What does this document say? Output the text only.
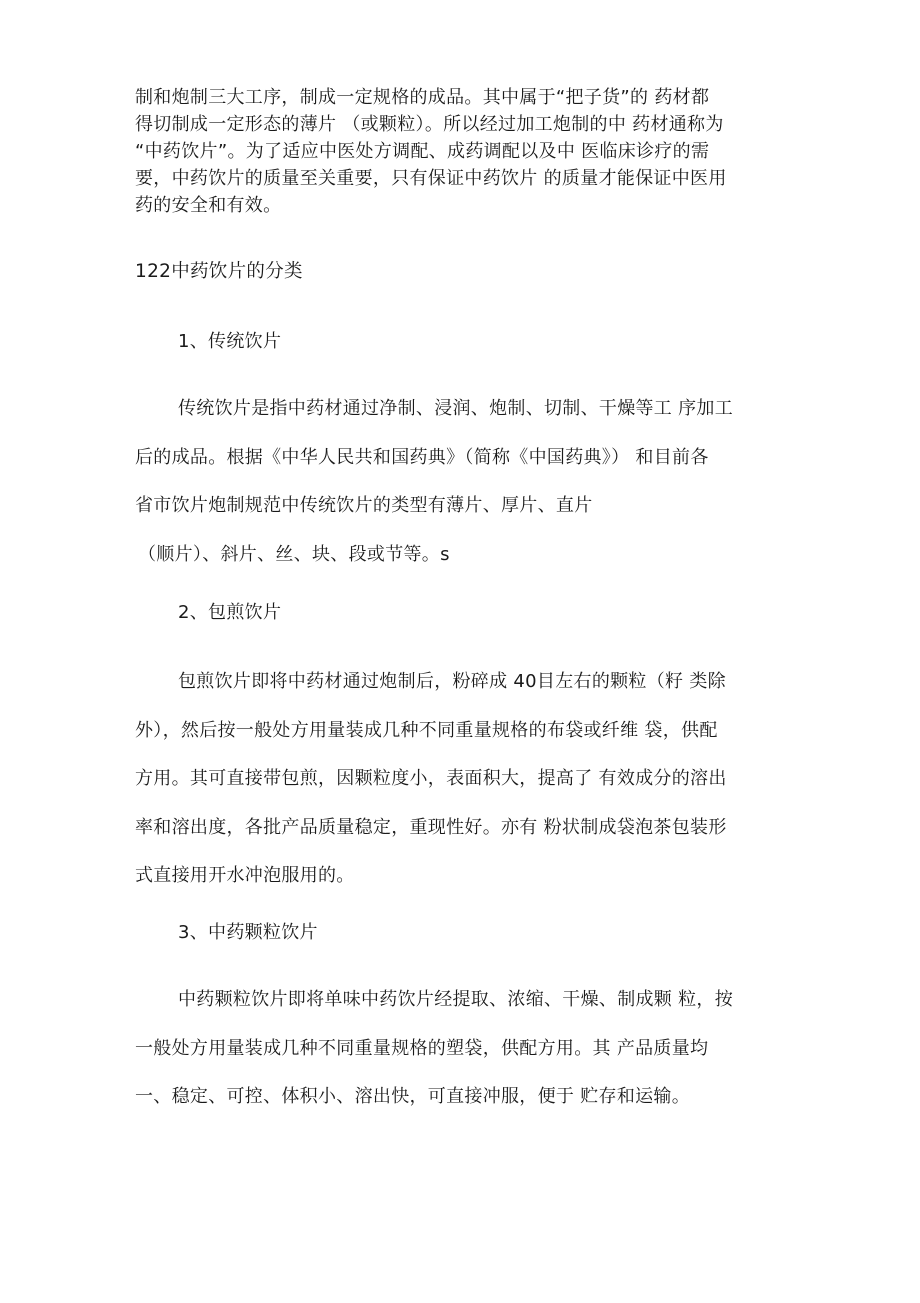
制和炮制三大工序，制成一定规格的成品。其中属于“把子货”的 药材都
得切制成一定形态的薄片 （或颗粒）。所以经过加工炮制的中 药材通称为
“中药饮片”。为了适应中医处方调配、成药调配以及中 医临床诊疗的需
要，中药饮片的质量至关重要，只有保证中药饮片 的质量才能保证中医用
药的安全和有效。
122中药饮片的分类
1、传统饮片
传统饮片是指中药材通过净制、浸润、炮制、切制、干燥等工 序加工
后的成品。根据《中华人民共和国药典》（简称《中国药典》） 和目前各
省市饮片炮制规范中传统饮片的类型有薄片、厚片、直片
（顺片）、斜片、丝、块、段或节等。s
2、包煎饮片
包煎饮片即将中药材通过炮制后，粉碎成 40目左右的颗粒（籽 类除
外），然后按一般处方用量装成几种不同重量规格的布袋或纤维 袋，供配
方用。其可直接带包煎，因颗粒度小，表面积大，提高了 有效成分的溶出
率和溶出度，各批产品质量稳定，重现性好。亦有 粉状制成袋泡茶包装形
式直接用开水冲泡服用的。
3、中药颗粒饮片
中药颗粒饮片即将单味中药饮片经提取、浓缩、干燥、制成颗 粒，按
一般处方用量装成几种不同重量规格的塑袋，供配方用。其 产品质量均
一、稳定、可控、体积小、溶出快，可直接冲服，便于 贮存和运输。
